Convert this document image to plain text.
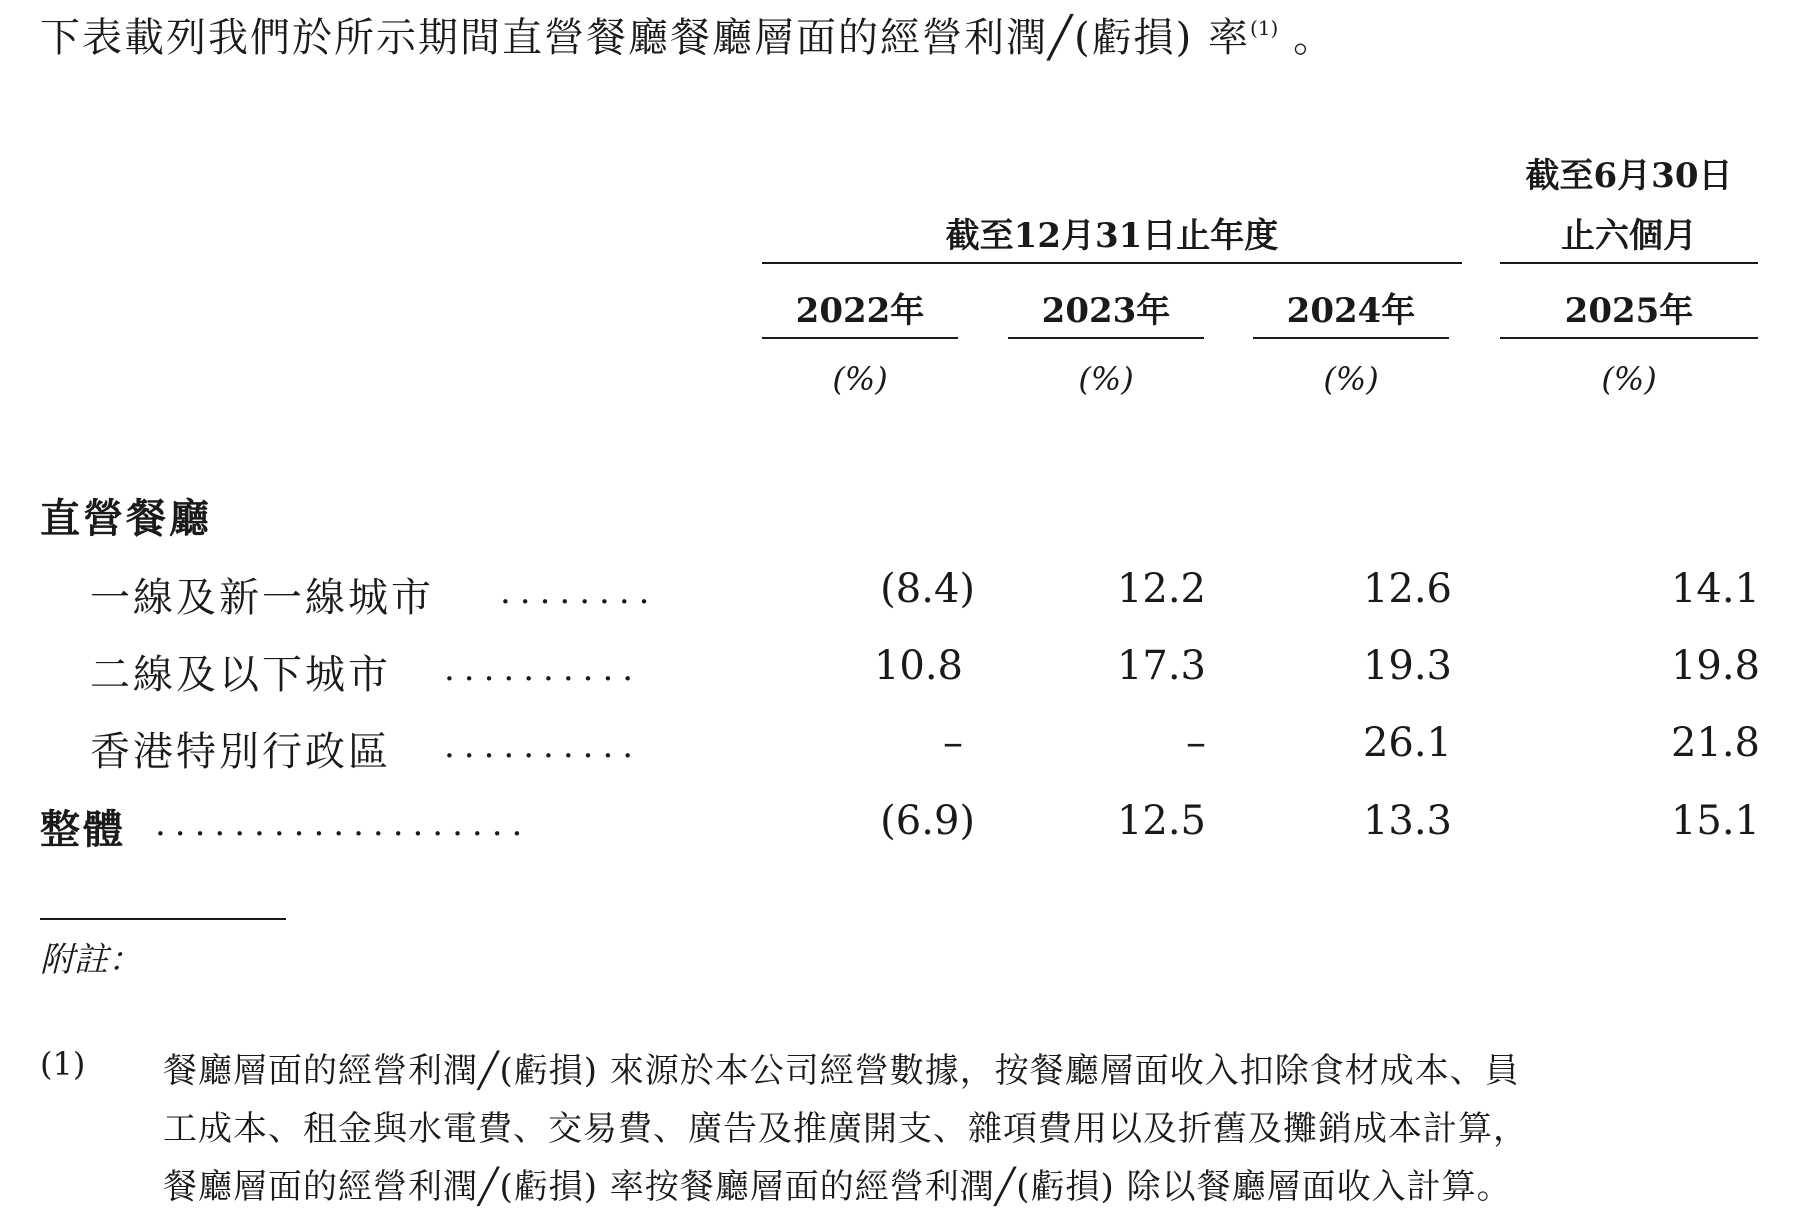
下表載列我們於所示期間直營餐廳餐廳層面的經營利潤╱(虧損) 率$^{(1)}$ 。
截至12月31日止年度
截至6月30日
止六個月
2022年	2023年	2024年	2025年
(%)	(%)	(%)	(%)
直營餐廳
一線及新一線城市 ........	(8.4)	12.2	12.6	14.1
二線及以下城市 ..........	10.8	17.3	19.3	19.8
香港特別行政區 ..........	–	–	26.1	21.8
整體 ...................	(6.9)	12.5	13.3	15.1
附註：
(1) 餐廳層面的經營利潤╱(虧損) 來源於本公司經營數據，按餐廳層面收入扣除食材成本、員
工成本、租金與水電費、交易費、廣告及推廣開支、雜項費用以及折舊及攤銷成本計算，
餐廳層面的經營利潤╱(虧損) 率按餐廳層面的經營利潤╱(虧損) 除以餐廳層面收入計算。
